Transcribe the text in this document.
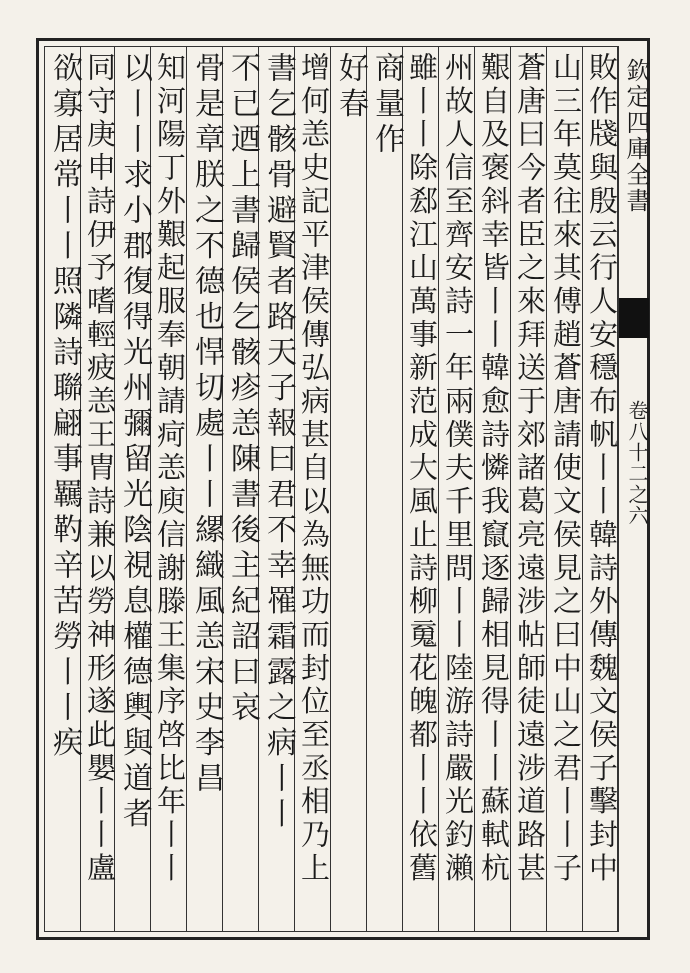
欽定四庫全書
卷八十二之六
敗作牋與殷云行人安穩布帆丨丨韓詩外傳魏文侯子擊封中
山三年莫往來其傅趙蒼唐請使文侯見之曰中山之君丨丨子
蒼唐曰今者臣之來拜送于郊諸葛亮遠涉帖師徒遠涉道路甚
艱自及褒斜幸皆丨丨韓愈詩憐我竄逐歸相見得丨丨蘇軾杭
州故人信至齊安詩一年兩僕夫千里問丨丨陸游詩嚴光釣瀨
雖丨丨除郄江山萬事新范成大風止詩柳䰟花魄都丨丨依舊
商量作
好春
增何恙史記平津侯傳弘病甚自以為無功而封位至丞相乃上
書乞骸骨避賢者路天子報曰君不幸罹霜露之病丨丨
不已迺上書歸侯乞骸疹恙陳書後主紀詔曰哀
骨是章朕之不德也悍切處丨丨縲織風恙宋史李昌
知河陽丁外艱起服奉朝請疴恙庾信謝滕王集序啓比年丨丨
以丨丨求小郡復得光州彌留光陰視息權德輿與道者
同守庚申詩伊予嗜輕疲恙王胄詩兼以勞神形遂此嬰丨丨盧
欲寡居常丨丨照隣詩聯翩事羈靮辛苦勞丨丨疾
